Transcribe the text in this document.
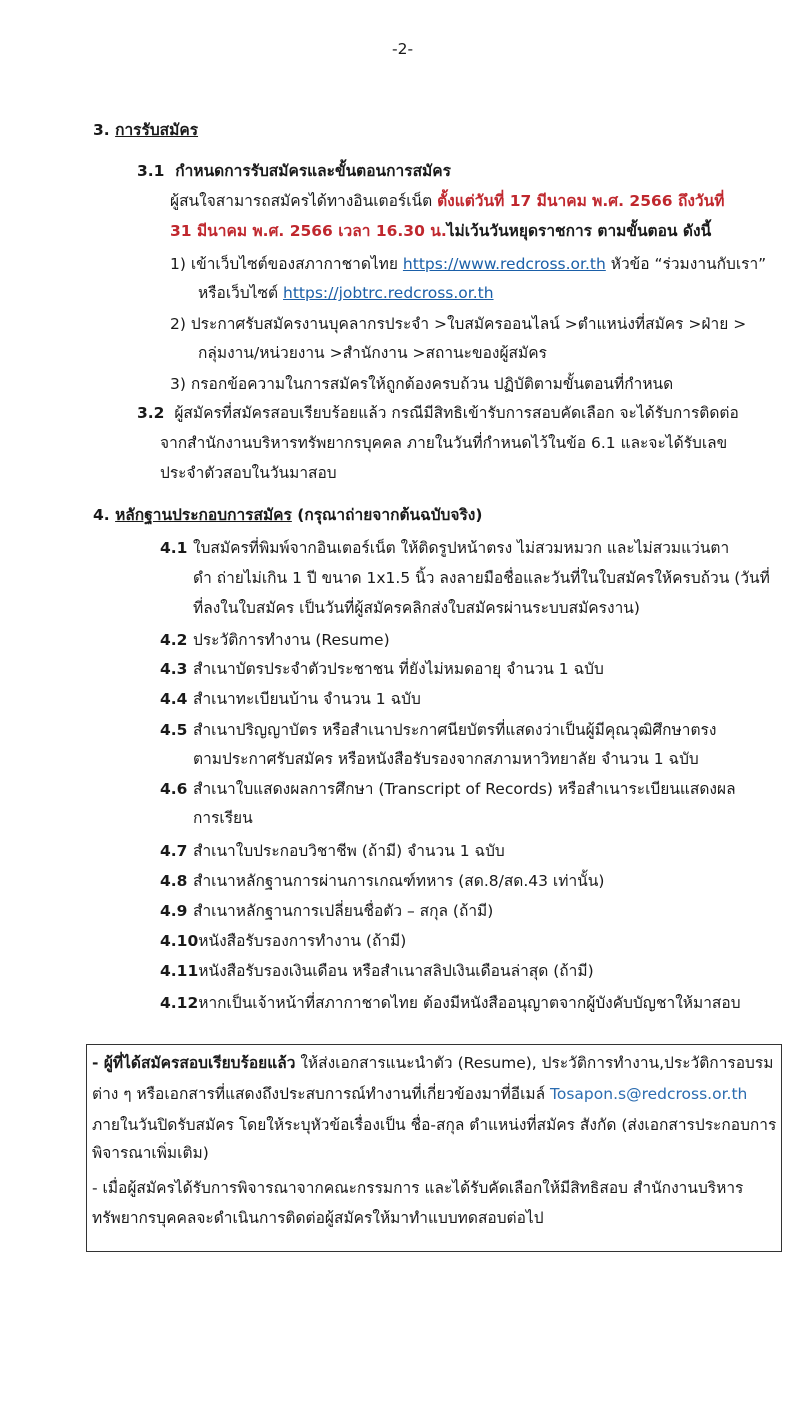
-2-
3. การรับสมัคร
3.1 กำหนดการรับสมัครและขั้นตอนการสมัคร
ผู้สนใจสามารถสมัครได้ทางอินเตอร์เน็ต ตั้งแต่วันที่ 17 มีนาคม พ.ศ. 2566 ถึงวันที่
31 มีนาคม พ.ศ. 2566 เวลา 16.30 น.ไม่เว้นวันหยุดราชการ ตามขั้นตอน ดังนี้
1) เข้าเว็บไซต์ของสภากาชาดไทย https://www.redcross.or.th หัวข้อ “ร่วมงานกับเรา”
หรือเว็บไซต์ https://jobtrc.redcross.or.th
2) ประกาศรับสมัครงานบุคลากรประจำ >ใบสมัครออนไลน์ >ตำแหน่งที่สมัคร >ฝ่าย >
กลุ่มงาน/หน่วยงาน >สำนักงาน >สถานะของผู้สมัคร
3) กรอกข้อความในการสมัครให้ถูกต้องครบถ้วน ปฏิบัติตามขั้นตอนที่กำหนด
3.2 ผู้สมัครที่สมัครสอบเรียบร้อยแล้ว กรณีมีสิทธิเข้ารับการสอบคัดเลือก จะได้รับการติดต่อ
จากสำนักงานบริหารทรัพยากรบุคคล ภายในวันที่กำหนดไว้ในข้อ 6.1 และจะได้รับเลข
ประจำตัวสอบในวันมาสอบ
4. หลักฐานประกอบการสมัคร (กรุณาถ่ายจากต้นฉบับจริง)
4.1 ใบสมัครที่พิมพ์จากอินเตอร์เน็ต ให้ติดรูปหน้าตรง ไม่สวมหมวก และไม่สวมแว่นตา
ดำ ถ่ายไม่เกิน 1 ปี ขนาด 1x1.5 นิ้ว ลงลายมือชื่อและวันที่ในใบสมัครให้ครบถ้วน (วันที่
ที่ลงในใบสมัคร เป็นวันที่ผู้สมัครคลิกส่งใบสมัครผ่านระบบสมัครงาน)
4.2 ประวัติการทำงาน (Resume)
4.3 สำเนาบัตรประจำตัวประชาชน ที่ยังไม่หมดอายุ จำนวน 1 ฉบับ
4.4 สำเนาทะเบียนบ้าน จำนวน 1 ฉบับ
4.5 สำเนาปริญญาบัตร หรือสำเนาประกาศนียบัตรที่แสดงว่าเป็นผู้มีคุณวุฒิศึกษาตรง
ตามประกาศรับสมัคร หรือหนังสือรับรองจากสภามหาวิทยาลัย จำนวน 1 ฉบับ
4.6 สำเนาใบแสดงผลการศึกษา (Transcript of Records) หรือสำเนาระเบียนแสดงผล
การเรียน
4.7 สำเนาใบประกอบวิชาชีพ (ถ้ามี) จำนวน 1 ฉบับ
4.8 สำเนาหลักฐานการผ่านการเกณฑ์ทหาร (สด.8/สด.43 เท่านั้น)
4.9 สำเนาหลักฐานการเปลี่ยนชื่อตัว – สกุล (ถ้ามี)
4.10หนังสือรับรองการทำงาน (ถ้ามี)
4.11หนังสือรับรองเงินเดือน หรือสำเนาสลิปเงินเดือนล่าสุด (ถ้ามี)
4.12หากเป็นเจ้าหน้าที่สภากาชาดไทย ต้องมีหนังสืออนุญาตจากผู้บังคับบัญชาให้มาสอบ
- ผู้ที่ได้สมัครสอบเรียบร้อยแล้ว ให้ส่งเอกสารแนะนำตัว (Resume), ประวัติการทำงาน,ประวัติการอบรม
ต่าง ๆ หรือเอกสารที่แสดงถึงประสบการณ์ทำงานที่เกี่ยวข้องมาที่อีเมล์ Tosapon.s@redcross.or.th
ภายในวันปิดรับสมัคร โดยให้ระบุหัวข้อเรื่องเป็น ชื่อ-สกุล ตำแหน่งที่สมัคร สังกัด (ส่งเอกสารประกอบการ
พิจารณาเพิ่มเติม)
- เมื่อผู้สมัครได้รับการพิจารณาจากคณะกรรมการ และได้รับคัดเลือกให้มีสิทธิสอบ สำนักงานบริหาร
ทรัพยากรบุคคลจะดำเนินการติดต่อผู้สมัครให้มาทำแบบทดสอบต่อไป
